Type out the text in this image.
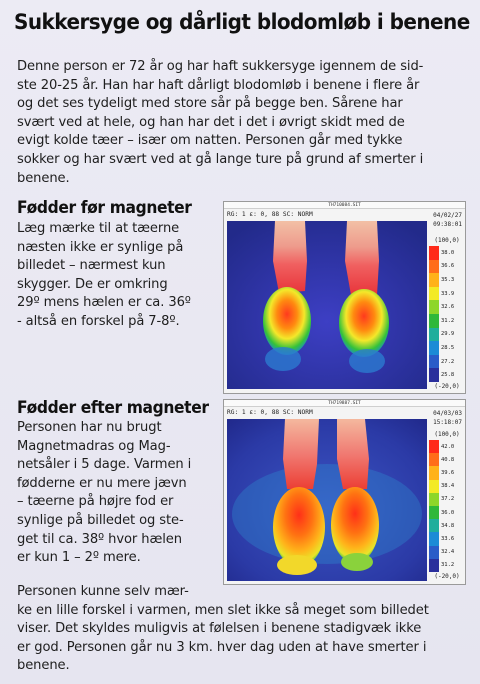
Sukkersyge og dårligt blodomløb i benene
Denne person er 72 år og har haft sukkersyge igennem de sid-
ste 20-25 år. Han har haft dårligt blodomløb i benene i flere år
og det ses tydeligt med store sår på begge ben. Sårene har
svært ved at hele, og han har det i det i øvrigt skidt med de
evigt kolde tæer – især om natten. Personen går med tykke
sokker og har svært ved at gå lange ture på grund af smerter i
benene.
Fødder før magneter
Læg mærke til at tæerne
næsten ikke er synlige på
billedet – nærmest kun
skygger. De er omkring
29º mens hælen er ca. 36º
- altså en forskel på 7-8º.
TH710084.SIT
RG: 1 ε: 0, 88 SC: NORM	04/02/27
09:38:01
(100,0)
38.0
36.6
35.3
33.9
32.6
31.2
29.9
28.5
27.2
25.8
(-20,0)
Fødder efter magneter
Personen har nu brugt
Magnetmadras og Mag-
netsåler i 5 dage. Varmen i
fødderne er nu mere jævn
– tæerne på højre fod er
synlige på billedet og ste-
get til ca. 38º hvor hælen
er kun 1 – 2º mere.
TH719887.SIT
RG: 1 ε: 0, 88 SC: NORM	04/03/03
15:18:07
(100,0)
42.0
40.8
39.6
38.4
37.2
36.0
34.8
33.6
32.4
31.2
(-20,0)
Personen kunne selv mær-
ke en lille forskel i varmen, men slet ikke så meget som billedet
viser. Det skyldes muligvis at følelsen i benene stadigvæk ikke
er god. Personen går nu 3 km. hver dag uden at have smerter i
benene.
